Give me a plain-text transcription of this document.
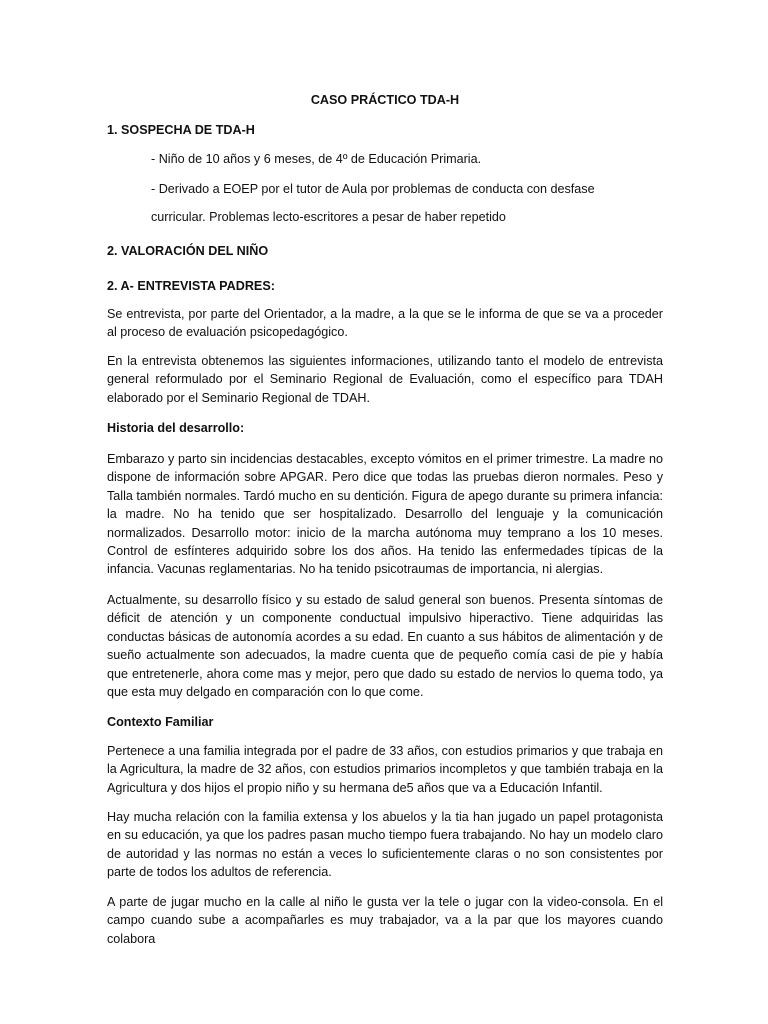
CASO PRÁCTICO TDA-H
1. SOSPECHA DE TDA-H
- Niño de 10 años y 6 meses, de 4º de Educación Primaria.
- Derivado a EOEP por el tutor de Aula por problemas de conducta con desfase
curricular. Problemas lecto-escritores a pesar de haber repetido
2. VALORACIÓN DEL NIÑO
2. A- ENTREVISTA PADRES:

Se entrevista, por parte del Orientador, a la madre, a la que se le informa de que se va a proceder al proceso de evaluación psicopedagógico.

En la entrevista obtenemos las siguientes informaciones, utilizando tanto el modelo de entrevista general reformulado por el Seminario Regional de Evaluación, como el específico para TDAH elaborado por el Seminario Regional de TDAH.

Historia del desarrollo:

Embarazo y parto sin incidencias destacables, excepto vómitos en el primer trimestre. La madre no dispone de información sobre APGAR. Pero dice que todas las pruebas dieron normales. Peso y Talla también normales. Tardó mucho en su dentición. Figura de apego durante su primera infancia: la madre. No ha tenido que ser hospitalizado. Desarrollo del lenguaje y la comunicación normalizados. Desarrollo motor: inicio de la marcha autónoma muy temprano a los 10 meses. Control de esfínteres adquirido sobre los dos años. Ha tenido las enfermedades típicas de la infancia. Vacunas reglamentarias. No ha tenido psicotraumas de importancia, ni alergias.

Actualmente, su desarrollo físico y su estado de salud general son buenos. Presenta síntomas de déficit de atención y un componente conductual impulsivo hiperactivo. Tiene adquiridas las conductas básicas de autonomía acordes a su edad. En cuanto a sus hábitos de alimentación y de sueño actualmente son adecuados, la madre cuenta que de pequeño comía casi de pie y había que entretenerle, ahora come mas y mejor, pero que dado su estado de nervios lo quema todo, ya que esta muy delgado en comparación con lo que come.

Contexto Familiar

Pertenece a una familia integrada por el padre de 33 años, con estudios primarios y que trabaja en la Agricultura, la madre de 32 años, con estudios primarios incompletos y que también trabaja en la Agricultura y dos hijos el propio niño y su hermana de5 años que va a Educación Infantil.

Hay mucha relación con la familia extensa y los abuelos y la tia han jugado un papel protagonista en su educación, ya que los padres pasan mucho tiempo fuera trabajando. No hay un modelo claro de autoridad y las normas no están a veces lo suficientemente claras o no son consistentes por parte de todos los adultos de referencia.

A parte de jugar mucho en la calle al niño le gusta ver la tele o jugar con la video-consola. En el campo cuando sube a acompañarles es muy trabajador, va a la par que los mayores cuando colabora
